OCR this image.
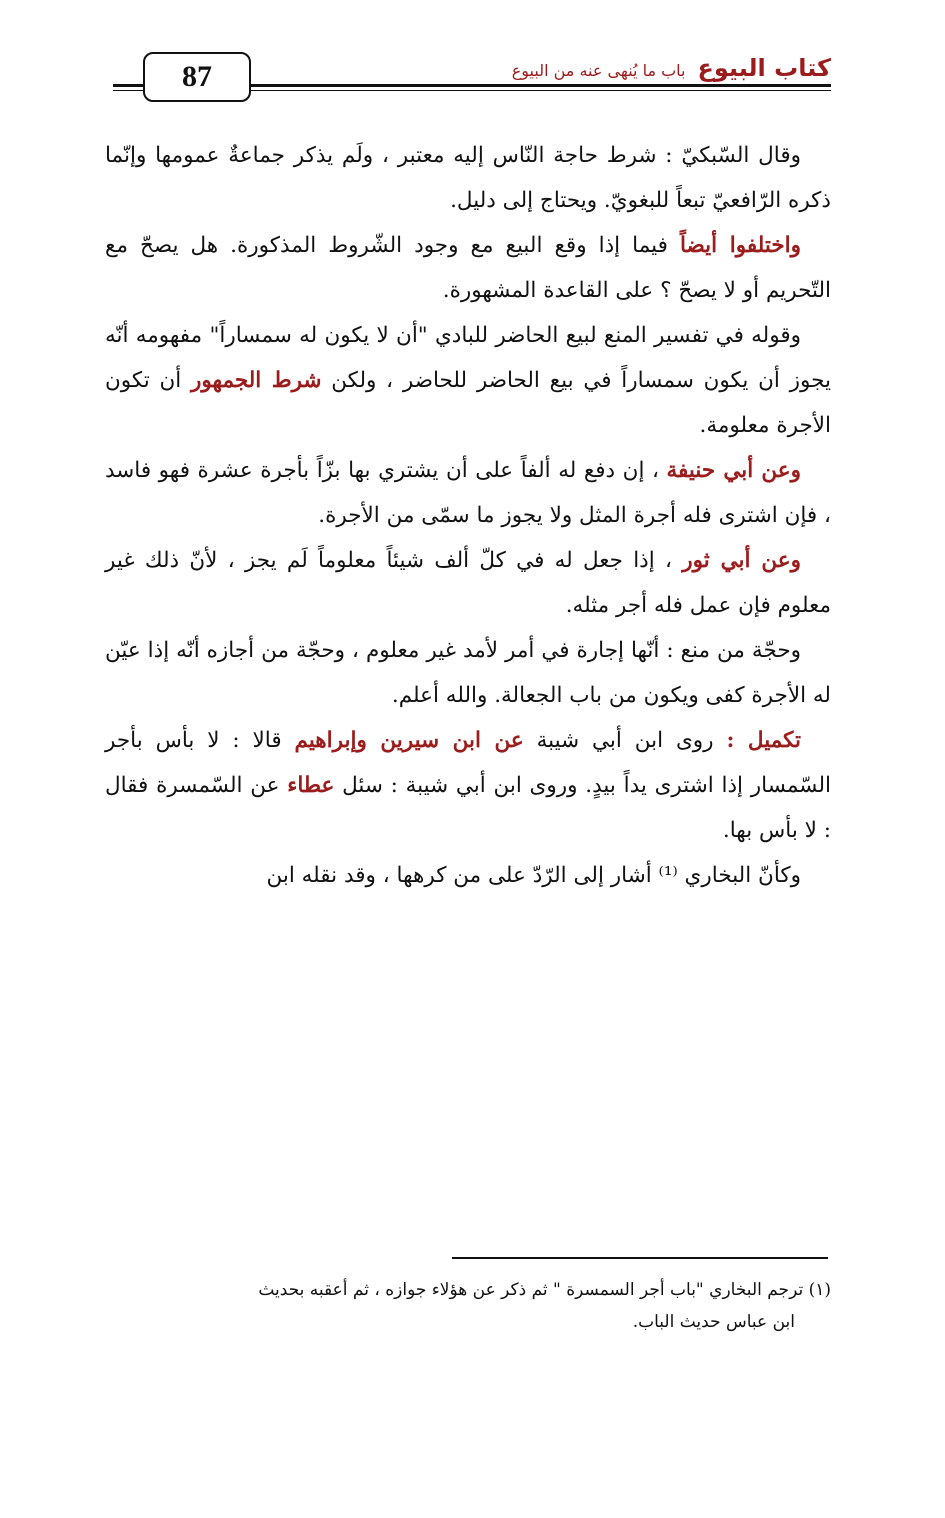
87	كتاب البيوع
باب ما يُنهى عنه من البيوع

وقال السّبكيّ : شرط حاجة النّاس إليه معتبر ، ولَم يذكر جماعةٌ عمومها وإنّما ذكره الرّافعيّ تبعاً للبغويّ. ويحتاج إلى دليل.

واختلفوا أيضاً فيما إذا وقع البيع مع وجود الشّروط المذكورة. هل يصحّ مع التّحريم أو لا يصحّ ؟ على القاعدة المشهورة.

وقوله في تفسير المنع لبيع الحاضر للبادي "أن لا يكون له سمساراً" مفهومه أنّه يجوز أن يكون سمساراً في بيع الحاضر للحاضر ، ولكن شرط الجمهور أن تكون الأجرة معلومة.

وعن أبي حنيفة ، إن دفع له ألفاً على أن يشتري بها بزّاً بأجرة عشرة فهو فاسد ، فإن اشترى فله أجرة المثل ولا يجوز ما سمّى من الأجرة.

وعن أبي ثور ، إذا جعل له في كلّ ألف شيئاً معلوماً لَم يجز ، لأنّ ذلك غير معلوم فإن عمل فله أجر مثله.

وحجّة من منع : أنّها إجارة في أمر لأمد غير معلوم ، وحجّة من أجازه أنّه إذا عيّن له الأجرة كفى ويكون من باب الجعالة. والله أعلم.

تكميل : روى ابن أبي شيبة عن ابن سيرين وإبراهيم قالا : لا بأس بأجر السّمسار إذا اشترى يداً بيدٍ. وروى ابن أبي شيبة : سئل عطاء عن السّمسرة فقال : لا بأس بها.

وكأنّ البخاري ⁽¹⁾ أشار إلى الرّدّ على من كرهها ، وقد نقله ابن

(١) ترجم البخاري "باب أجر السمسرة " ثم ذكر عن هؤلاء جوازه ، ثم أعقبه بحديث
ابن عباس حديث الباب.
